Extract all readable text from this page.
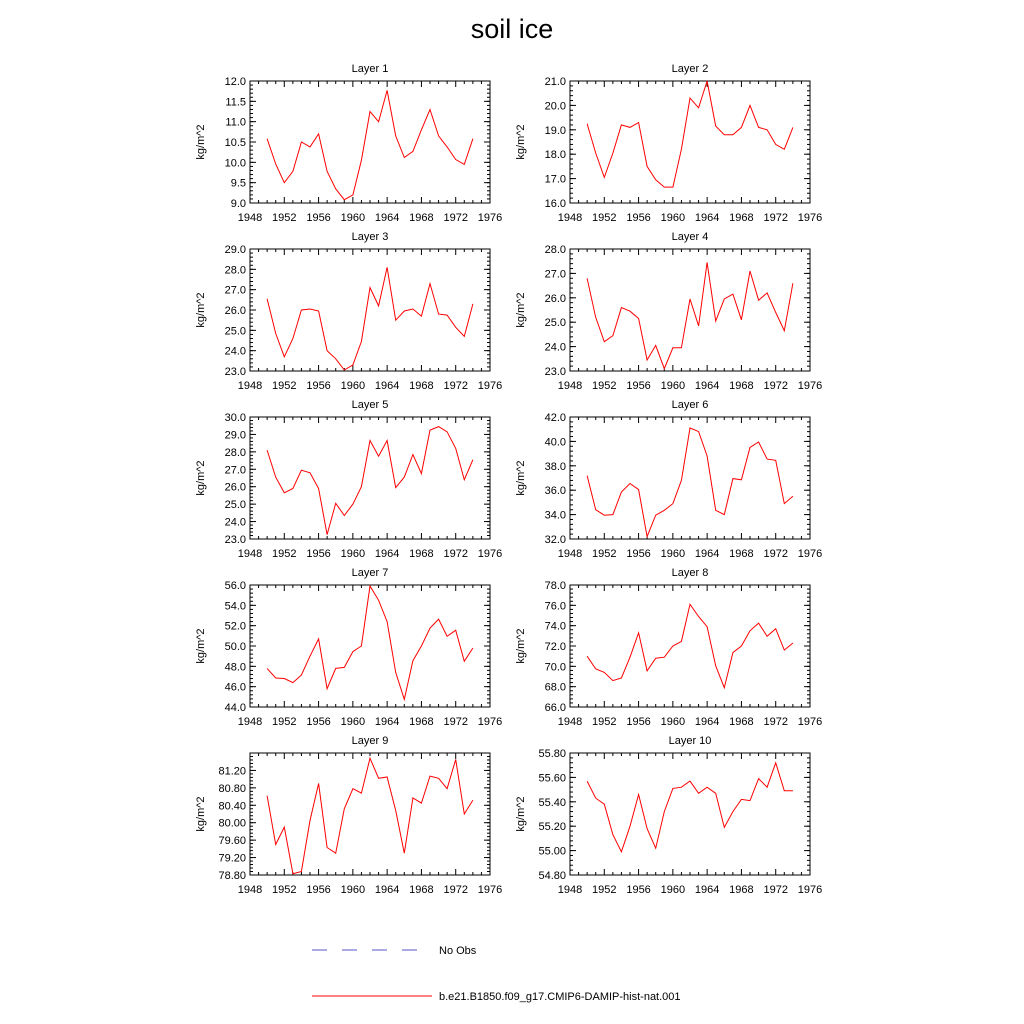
soil ice
Layer 1
9.0
9.5
10.0
10.5
11.0
11.5
12.0
1948 1952 1956 1960 1964 1968 1972 1976
kg/m^2
Layer 2
16.0
17.0
18.0
19.0
20.0
21.0
1948 1952 1956 1960 1964 1968 1972 1976
kg/m^2
Layer 3
23.0
24.0
25.0
26.0
27.0
28.0
29.0
1948 1952 1956 1960 1964 1968 1972 1976
kg/m^2
Layer 4
23.0
24.0
25.0
26.0
27.0
28.0
1948 1952 1956 1960 1964 1968 1972 1976
kg/m^2
Layer 5
23.0
24.0
25.0
26.0
27.0
28.0
29.0
30.0
1948 1952 1956 1960 1964 1968 1972 1976
kg/m^2
Layer 6
32.0
34.0
36.0
38.0
40.0
42.0
1948 1952 1956 1960 1964 1968 1972 1976
kg/m^2
Layer 7
44.0
46.0
48.0
50.0
52.0
54.0
56.0
1948 1952 1956 1960 1964 1968 1972 1976
kg/m^2
Layer 8
66.0
68.0
70.0
72.0
74.0
76.0
78.0
1948 1952 1956 1960 1964 1968 1972 1976
kg/m^2
Layer 9
78.80
79.20
79.60
80.00
80.40
80.80
81.20
1948 1952 1956 1960 1964 1968 1972 1976
kg/m^2
Layer 10
54.80
55.00
55.20
55.40
55.60
55.80
1948 1952 1956 1960 1964 1968 1972 1976
kg/m^2
No Obs
b.e21.B1850.f09_g17.CMIP6-DAMIP-hist-nat.001
